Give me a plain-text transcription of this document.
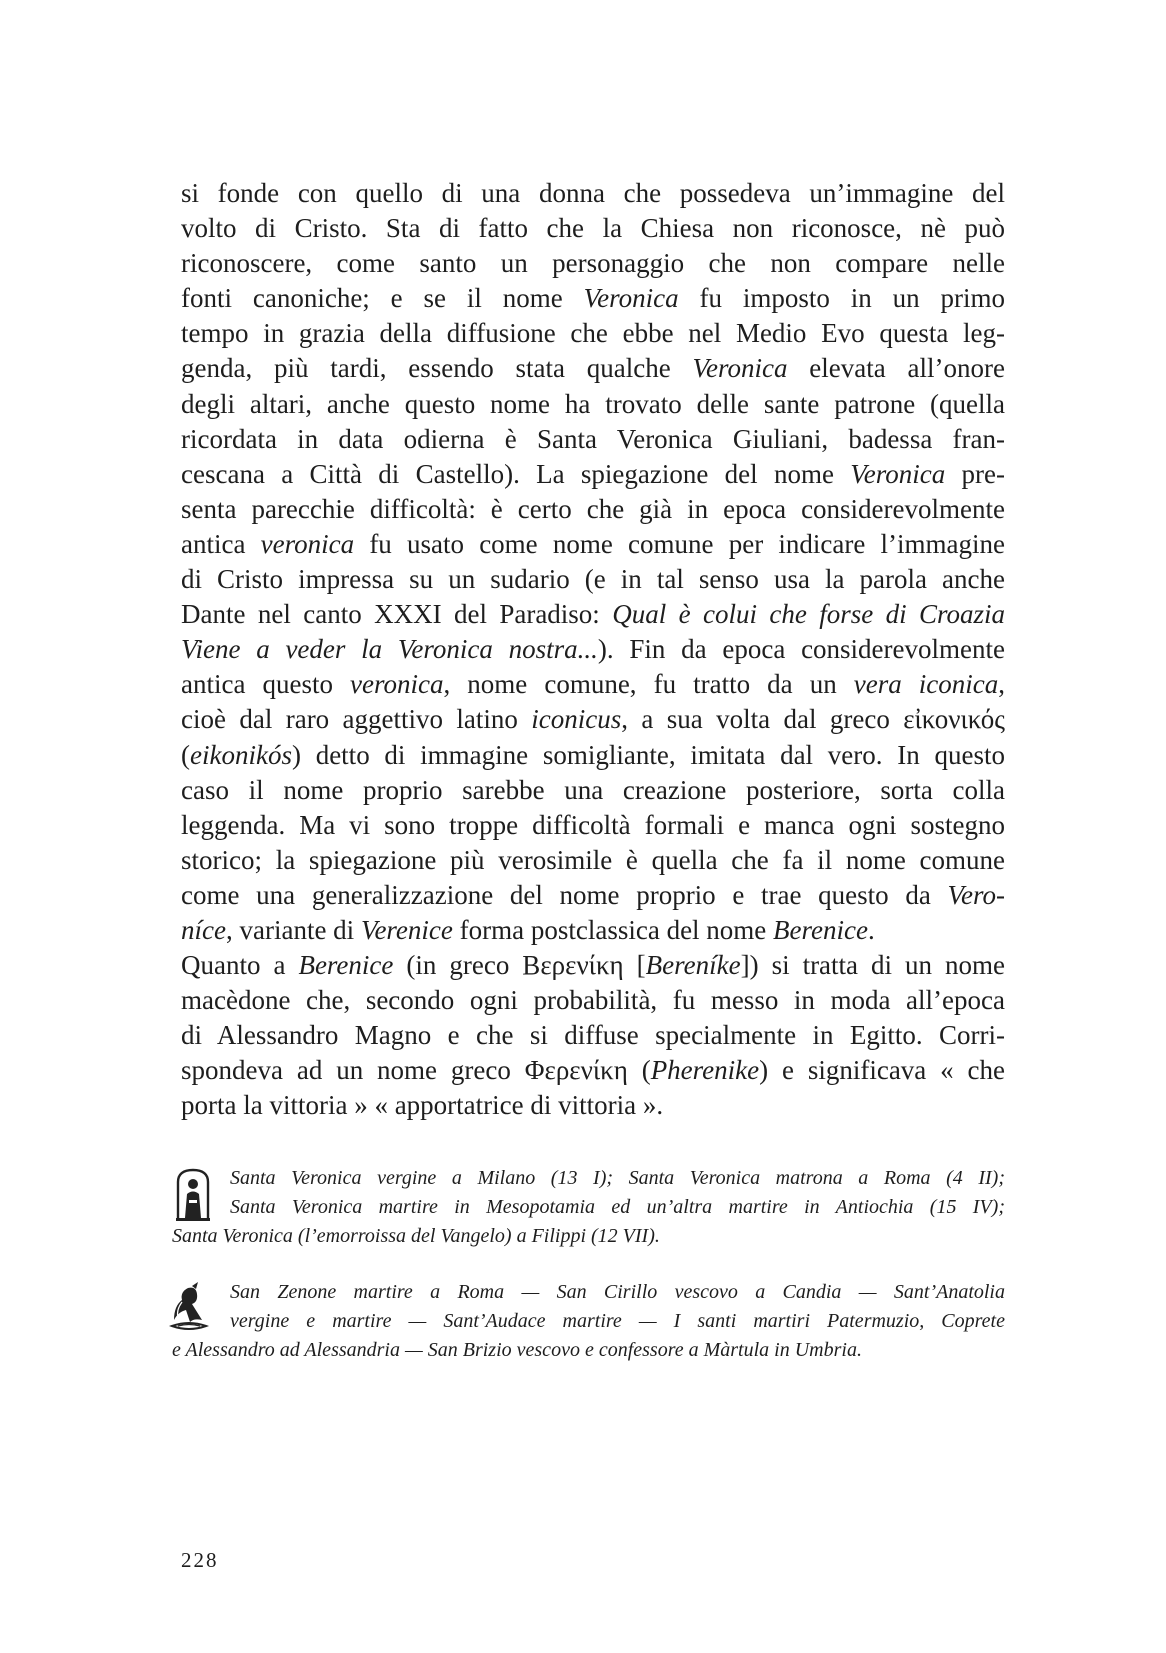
si fonde con quello di una donna che possedeva un’immagine del
volto di Cristo. Sta di fatto che la Chiesa non riconosce, nè può
riconoscere, come santo un personaggio che non compare nelle
fonti canoniche; e se il nome Veronica fu imposto in un primo
tempo in grazia della diffusione che ebbe nel Medio Evo questa leg-
genda, più tardi, essendo stata qualche Veronica elevata all’onore
degli altari, anche questo nome ha trovato delle sante patrone (quella
ricordata in data odierna è Santa Veronica Giuliani, badessa fran-
cescana a Città di Castello). La spiegazione del nome Veronica pre-
senta parecchie difficoltà: è certo che già in epoca considerevolmente
antica veronica fu usato come nome comune per indicare l’immagine
di Cristo impressa su un sudario (e in tal senso usa la parola anche
Dante nel canto XXXI del Paradiso: Qual è colui che forse di Croazia
Viene a veder la Veronica nostra...). Fin da epoca considerevolmente
antica questo veronica, nome comune, fu tratto da un vera iconica,
cioè dal raro aggettivo latino iconicus, a sua volta dal greco εἰκονικός
(eikonikós) detto di immagine somigliante, imitata dal vero. In questo
caso il nome proprio sarebbe una creazione posteriore, sorta colla
leggenda. Ma vi sono troppe difficoltà formali e manca ogni sostegno
storico; la spiegazione più verosimile è quella che fa il nome comune
come una generalizzazione del nome proprio e trae questo da Vero-
níce, variante di Verenice forma postclassica del nome Berenice.
Quanto a Berenice (in greco Βερενίκη [Bereníke]) si tratta di un nome
macèdone che, secondo ogni probabilità, fu messo in moda all’epoca
di Alessandro Magno e che si diffuse specialmente in Egitto. Corri-
spondeva ad un nome greco Φερενίκη (Pherenike) e significava « che
porta la vittoria » « apportatrice di vittoria ».
Santa Veronica vergine a Milano (13 I); Santa Veronica matrona a Roma (4 II);
Santa Veronica martire in Mesopotamia ed un’altra martire in Antiochia (15 IV);
Santa Veronica (l’emorroissa del Vangelo) a Filippi (12 VII).
San Zenone martire a Roma — San Cirillo vescovo a Candia — Sant’Anatolia
vergine e martire — Sant’Audace martire — I santi martiri Patermuzio, Coprete
e Alessandro ad Alessandria — San Brizio vescovo e confessore a Màrtula in Umbria.
228
